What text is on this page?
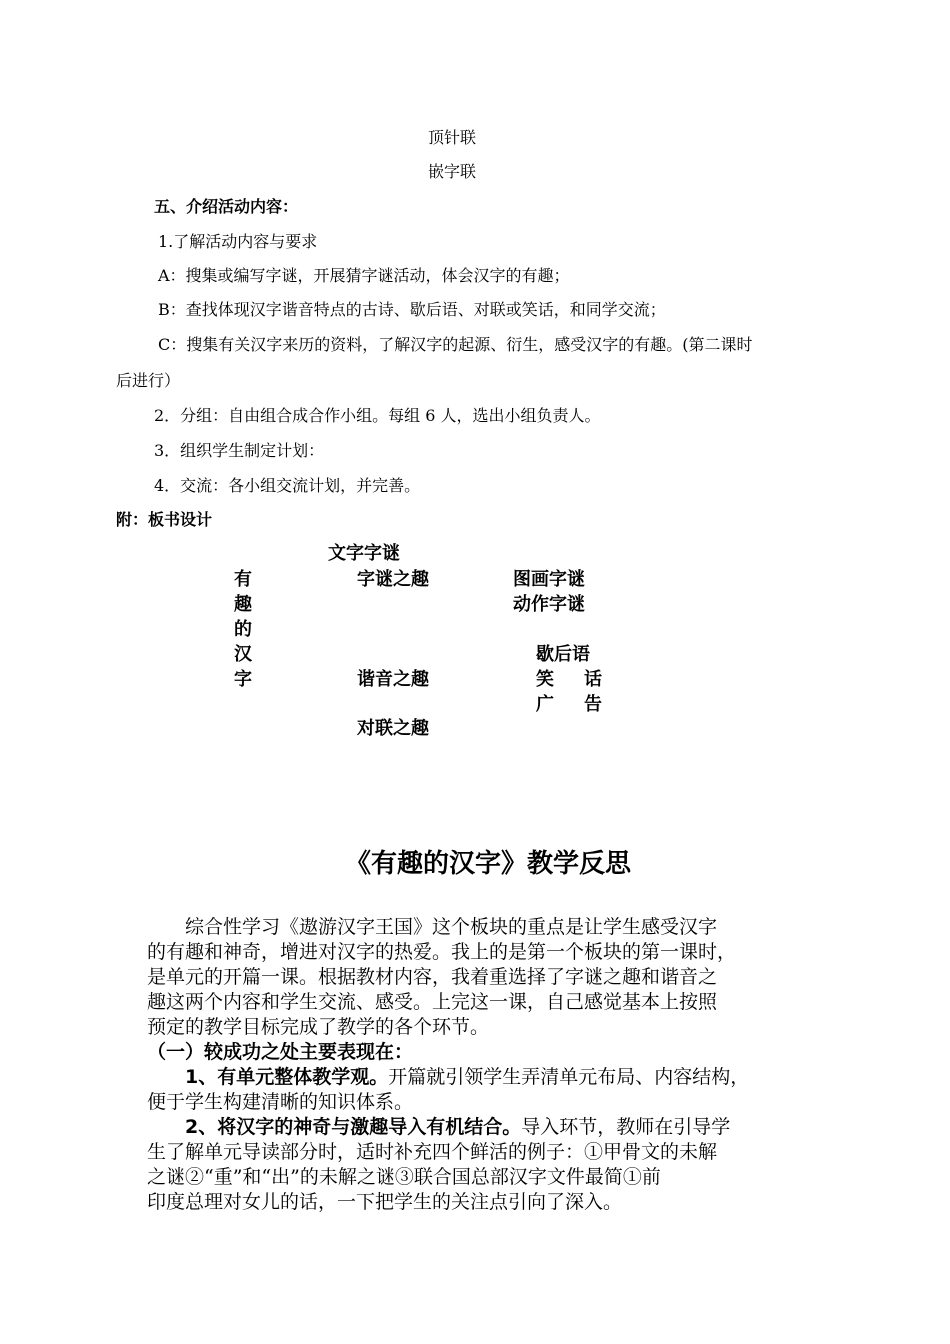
顶针联
嵌字联
五、介绍活动内容：
1.了解活动内容与要求
A：搜集或编写字谜，开展猜字谜活动，体会汉字的有趣；
B：查找体现汉字谐音特点的古诗、歇后语、对联或笑话，和同学交流；
C：搜集有关汉字来历的资料，了解汉字的起源、衍生，感受汉字的有趣。(第二课时
后进行）
2．分组：自由组合成合作小组。每组 6 人，选出小组负责人。
3．组织学生制定计划：
4．交流：各小组交流计划，并完善。
附：板书设计
有
趣
的
汉
字
文字字谜
字谜之趣	图画字谜
动作字谜
歇后语
笑 话
广 告
谐音之趣
对联之趣
《有趣的汉字》教学反思
　　综合性学习《遨游汉字王国》这个板块的重点是让学生感受汉字
的有趣和神奇，增进对汉字的热爱。我上的是第一个板块的第一课时，
是单元的开篇一课。根据教材内容，我着重选择了字谜之趣和谐音之
趣这两个内容和学生交流、感受。上完这一课，自己感觉基本上按照
预定的教学目标完成了教学的各个环节。
（一）较成功之处主要表现在：
　　1、有单元整体教学观。开篇就引领学生弄清单元布局、内容结构，
便于学生构建清晰的知识体系。
　　2、将汉字的神奇与激趣导入有机结合。导入环节，教师在引导学
生了解单元导读部分时，适时补充四个鲜活的例子：①甲骨文的未解
之谜②“重”和“出”的未解之谜③联合国总部汉字文件最简①前
印度总理对女儿的话，一下把学生的关注点引向了深入。
